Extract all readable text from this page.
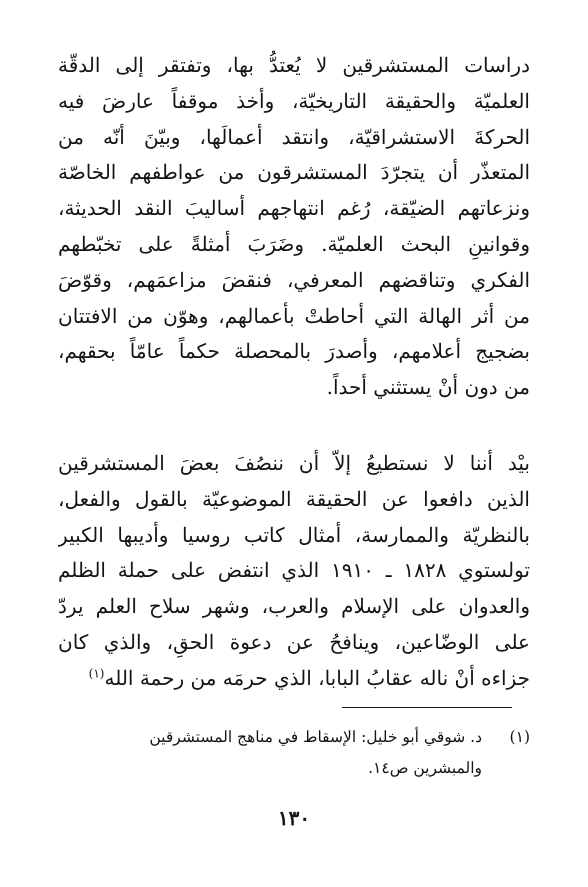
دراسات المستشرقين لا يُعتدُّ بها، وتفتقر إلى الدقّة
العلميّة والحقيقة التاريخيّة، وأخذ موقفاً عارضَ فيه
الحركةَ الاستشراقيّة، وانتقد أعمالَها، وبيّنَ أنّه من
المتعذّر أن يتجرّدَ المستشرقون من عواطفهم الخاصّة
ونزعاتهم الضيّقة، رُغم انتهاجهم أساليبَ النقد الحديثة،
وقوانينِ البحث العلميّة. وضَرَبَ أمثلةً على تخبّطهم
الفكري وتناقضهم المعرفي، فنقضَ مزاعمَهم، وقوّضَ
من أثر الهالة التي أحاطتْ بأعمالهم، وهوّن من الافتتان
بضجيج أعلامهم، وأصدرَ بالمحصلة حكماً عامّاً بحقهم،
من دون أنْ يستثني أحداً.

بيْد أننا لا نستطيعُ إلاّ أن ننصُفَ بعضَ المستشرقين
الذين دافعوا عن الحقيقة الموضوعيّة بالقول والفعل،
بالنظريّة والممارسة، أمثال كاتب روسيا وأديبها الكبير
تولستوي ١٨٢٨ ـ ١٩١٠ الذي انتفض على حملة الظلم
والعدوان على الإسلام والعرب، وشهر سلاح العلم يردّ
على الوضّاعين، وينافحُ عن دعوة الحقِ، والذي كان
جزاءه أنْ ناله عقابُ البابا، الذي حرمَه من رحمة الله$^{(١)}$

(١)د. شوقي أبو خليل: الإسقاط في مناهج المستشرقين
والمبشرين ص١٤.
١٣٠
